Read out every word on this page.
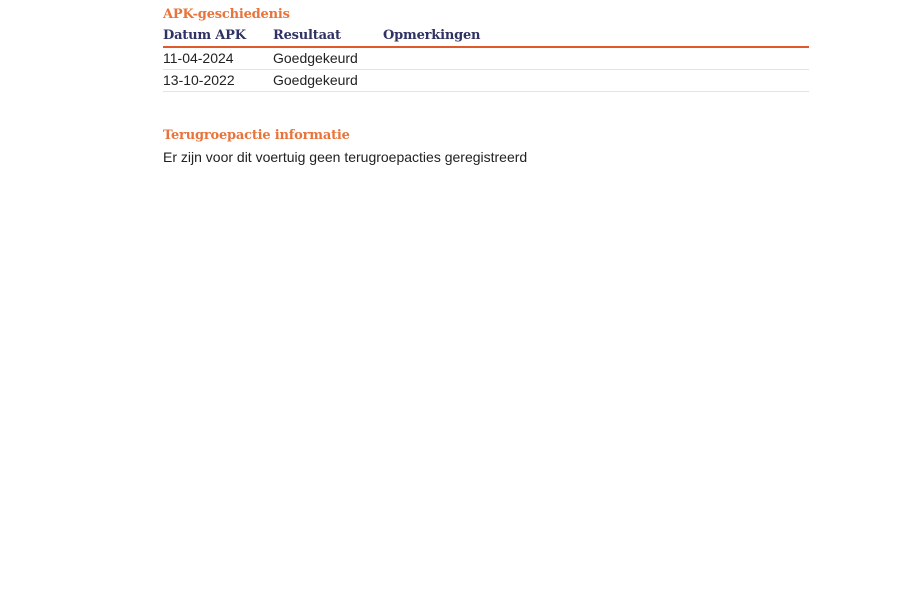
APK-geschiedenis
Datum APK	Resultaat	Opmerkingen
11-04-2024	Goedgekeurd	
13-10-2022	Goedgekeurd	
Terugroepactie informatie

Er zijn voor dit voertuig geen terugroepacties geregistreerd
